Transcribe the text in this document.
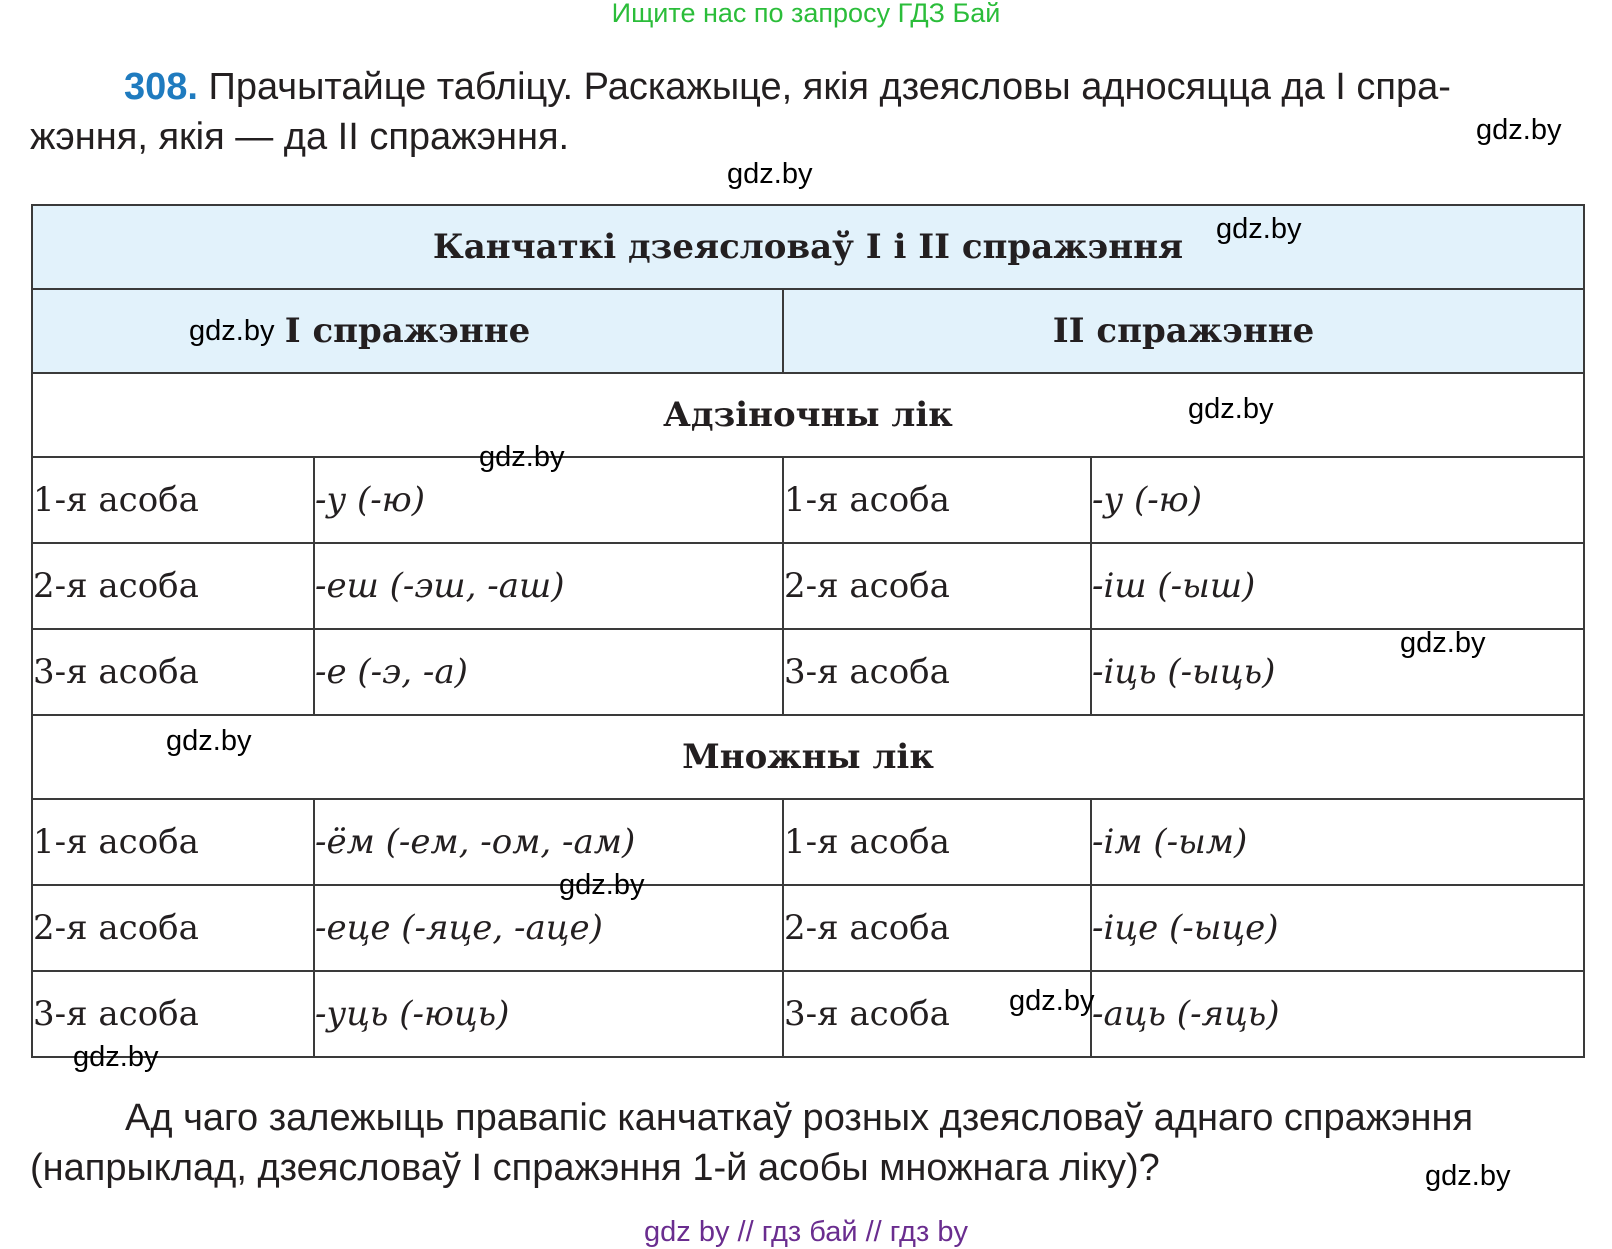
Ищите нас по запросу ГДЗ Бай
308. Прачытайце табліцу. Раскажыце, якія дзеясловы адносяцца да I спра-
жэння, якія — да II спражэння.
Канчаткі дзеясловаў I і II спражэння			
I спражэнне		II спражэнне	
Адзіночны лік			
1-я асоба	-у (-ю)	1-я асоба	-у (-ю)
2-я асоба	-еш (-эш, -аш)	2-я асоба	-іш (-ыш)
3-я асоба	-е (-э, -а)	3-я асоба	-іць (-ыць)
Множны лік			
1-я асоба	-ём (-ем, -ом, -ам)	1-я асоба	-ім (-ым)
2-я асоба	-еце (-яце, -аце)	2-я асоба	-іце (-ыце)
3-я асоба	-уць (-юць)	3-я асоба	-аць (-яць)
Ад чаго залежыць правапіс канчаткаў розных дзеясловаў аднаго спражэння
(напрыклад, дзеясловаў I спражэння 1-й асобы множнага ліку)?
gdz.by
gdz.by
gdz.by
gdz.by
gdz.by
gdz.by
gdz.by
gdz.by
gdz.by
gdz.by
gdz.by
gdz.by
gdz by // гдз бай // гдз by
